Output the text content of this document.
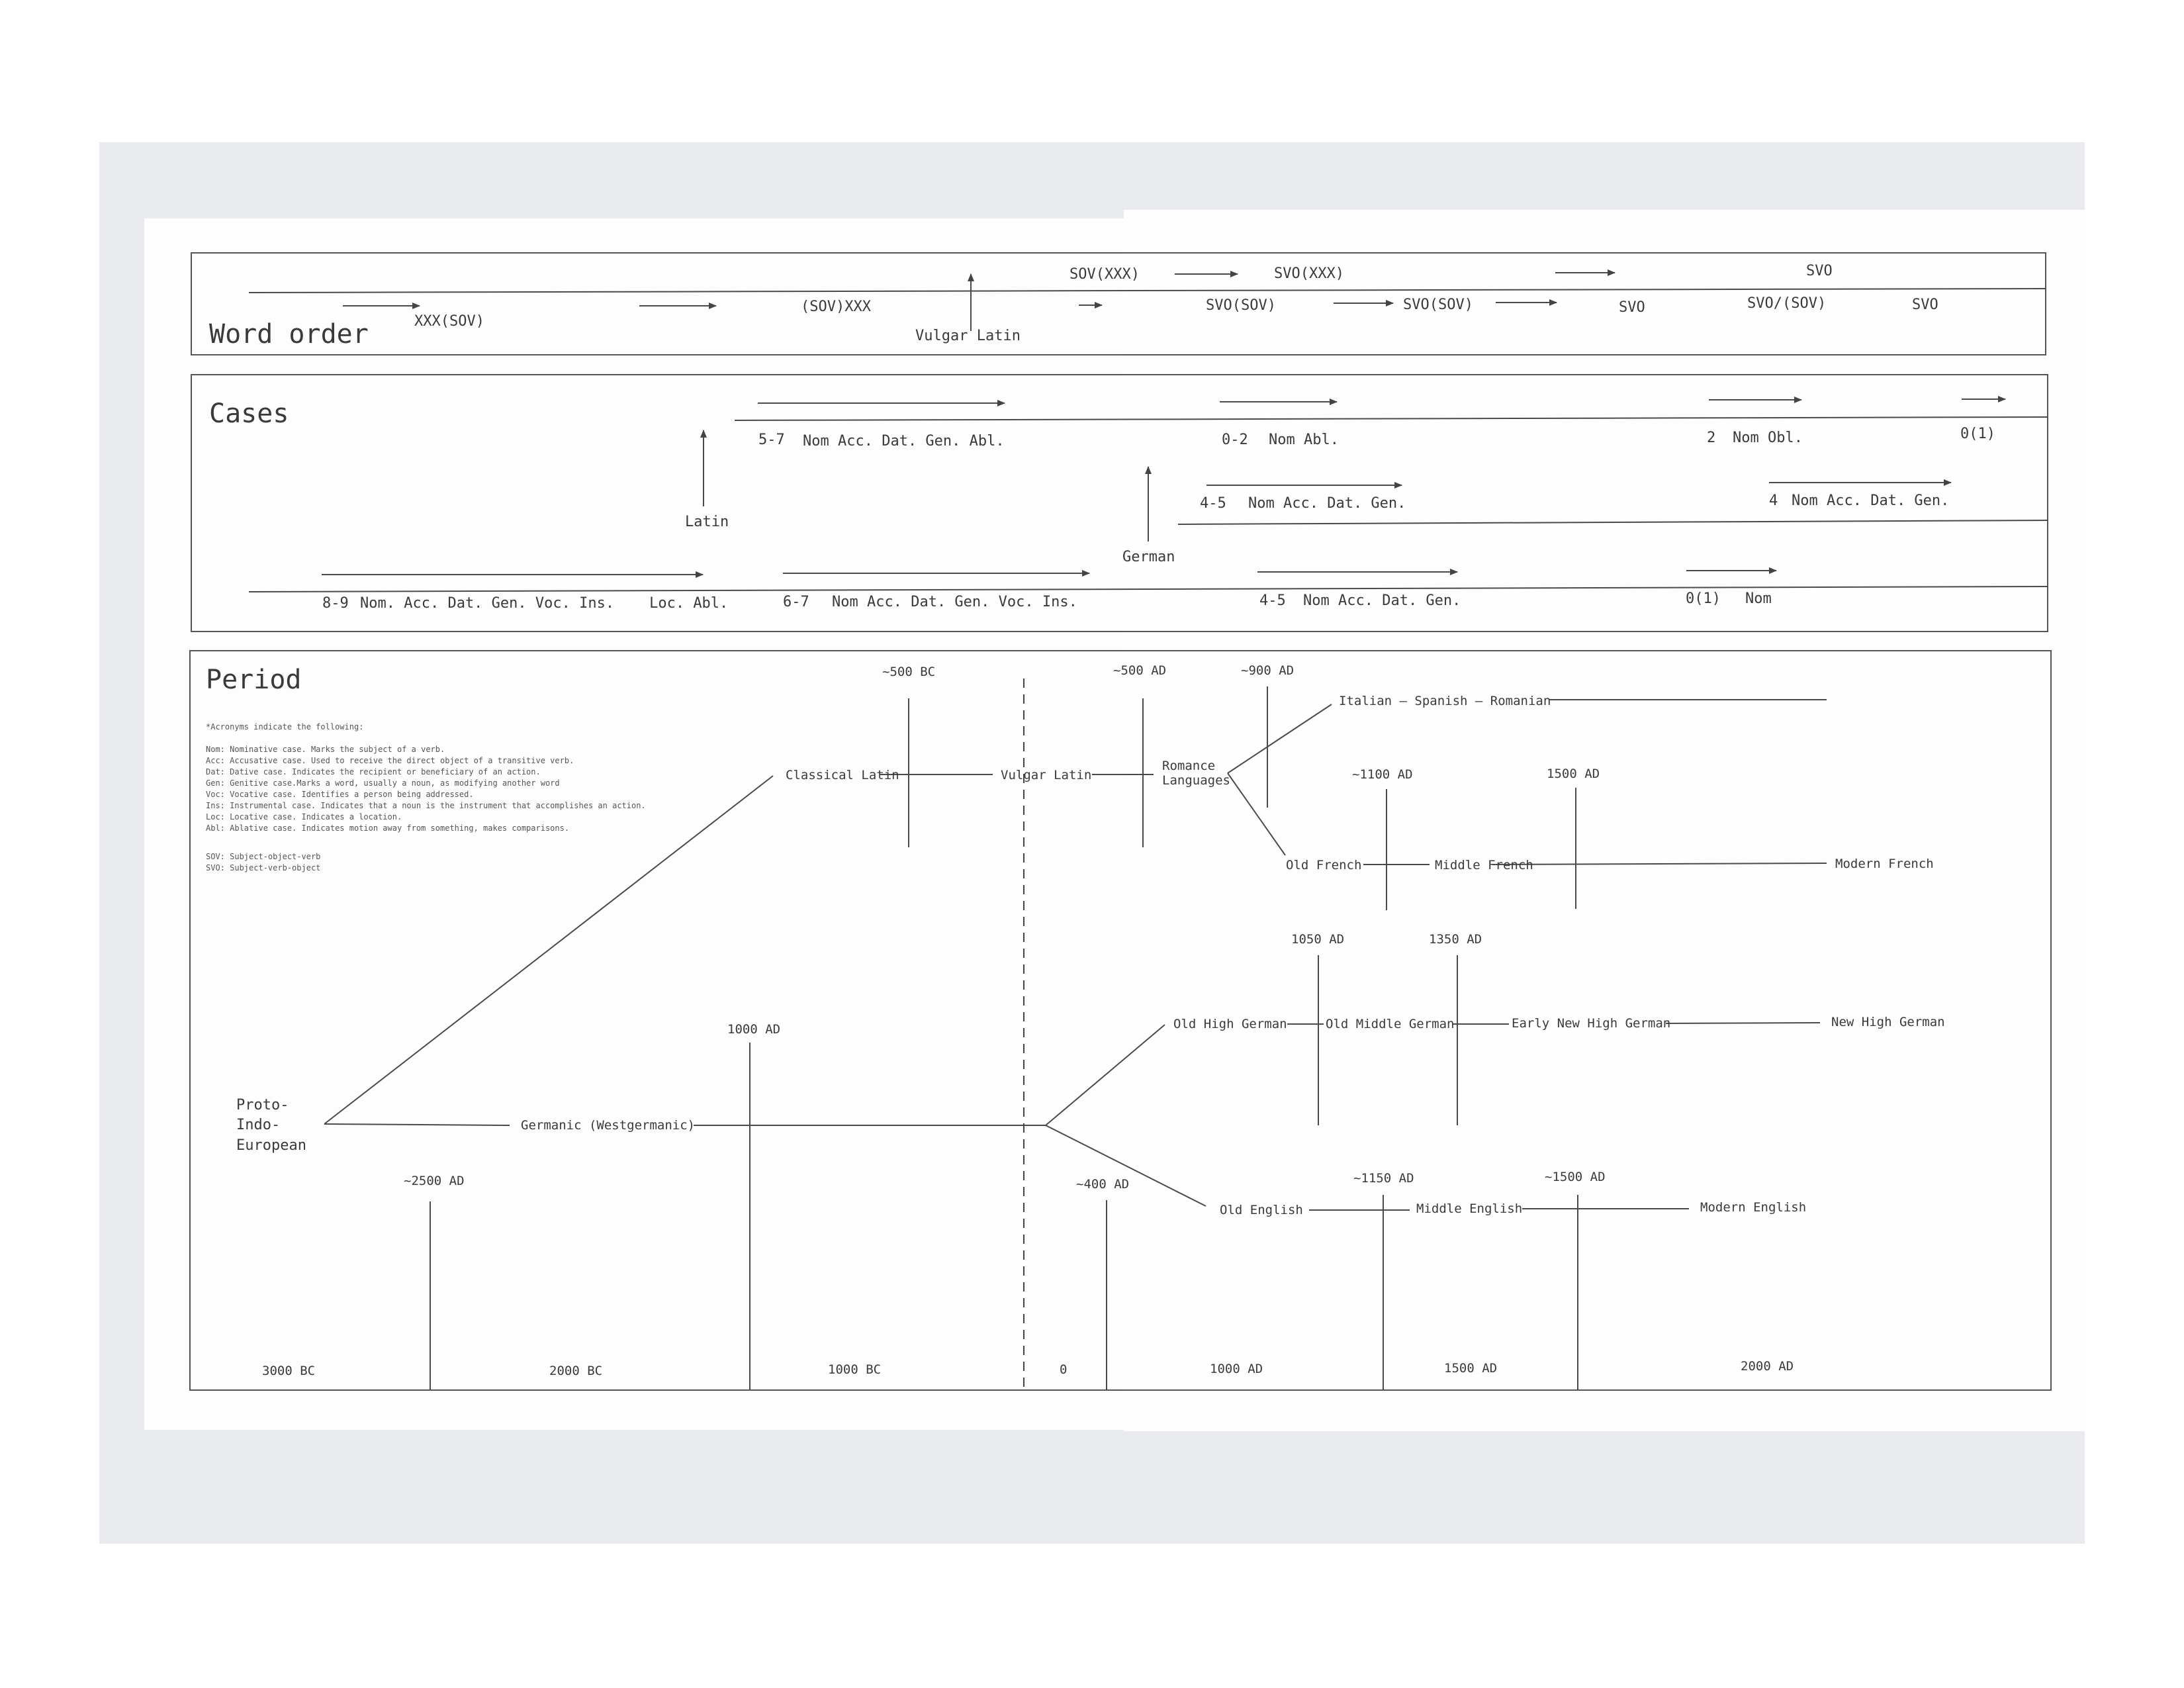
Word order	XXX(SOV)
(SOV)XXX
Vulgar Latin
SOV(XXX)	SVO(XXX)
SVO(SOV)	SVO(SOV)	SVO
SVO
SVO/(SOV)	SVO
Cases
Latin
German
5-7 Nom Acc. Dat. Gen. Abl.	0-2 Nom Abl.	2 Nom Obl.	0(1)
4-5 Nom Acc. Dat. Gen.	4 Nom Acc. Dat. Gen.
8-9 Nom. Acc. Dat. Gen. Voc. Ins.    Loc. Abl.	6-7 Nom Acc. Dat. Gen. Voc. Ins.	4-5 Nom Acc. Dat. Gen.	0(1) Nom
Period
*Acronyms indicate the following:
Nom: Nominative case. Marks the subject of a verb.
Acc: Accusative case. Used to receive the direct object of a transitive verb.
Dat: Dative case. Indicates the recipient or beneficiary of an action.
Gen: Genitive case.Marks a word, usually a noun, as modifying another word
Voc: Vocative case. Identifies a person being addressed.
Ins: Instrumental case. Indicates that a noun is the instrument that accomplishes an action.
Loc: Locative case. Indicates a location.
Abl: Ablative case. Indicates motion away from something, makes comparisons.
SOV: Subject-object-verb
SVO: Subject-verb-object
~500 BC	~500 AD	~900 AD
~1100 AD	1500 AD
1050 AD	1350 AD
1000 AD
~2500 AD	~400 AD	~1150 AD	~1500 AD
Proto-
Indo-
European
Germanic (Westgermanic)
Classical Latin	Vulgar Latin
Romance
Languages
Italian — Spanish — Romanian
Old French	Middle French	Modern French
Old High German	Old Middle German	Early New High German	New High German
Old English	Middle English	Modern English
3000 BC	2000 BC	1000 BC	0	1000 AD	1500 AD	2000 AD
